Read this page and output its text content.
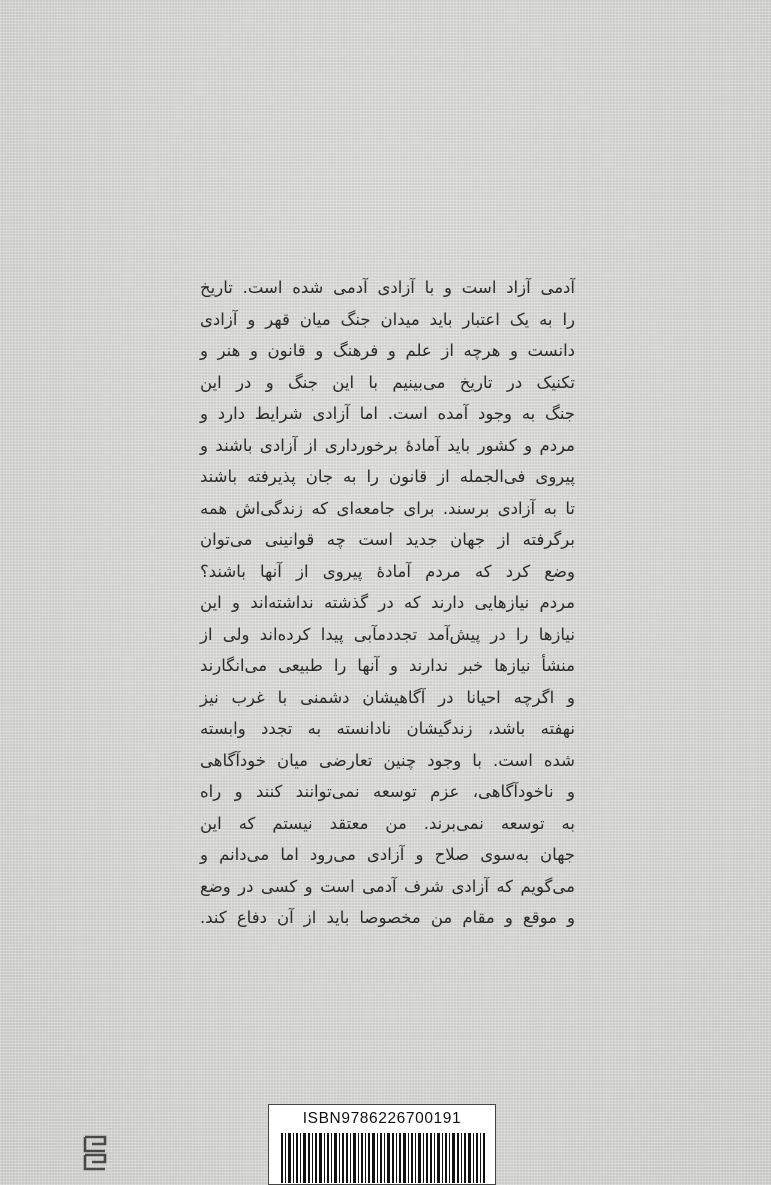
آدمی آزاد است و با آزادی آدمی شده است. تاریخ
را به یک اعتبار باید میدان جنگ میان قهر و آزادی
دانست و هرچه از علم و فرهنگ و قانون و هنر و
تکنیک در تاریخ می‌بینیم با این جنگ و در این
جنگ به وجود آمده است. اما آزادی شرایط دارد و
مردم و کشور باید آمادهٔ برخورداری از آزادی باشند و
پیروی فی‌الجمله از قانون را به جان پذیرفته باشند
تا به آزادی برسند. برای جامعه‌ای که زندگی‌اش همه
برگرفته از جهان جدید است چه قوانینی می‌توان
وضع کرد که مردم آمادهٔ پیروی از آنها باشند؟
مردم نیازهایی دارند که در گذشته نداشته‌اند و این
نیازها را در پیش‌آمد تجددمآبی پیدا کرده‌اند ولی از
منشأ نیازها خبر ندارند و آنها را طبیعی می‌انگارند
و اگرچه احیانا در آگاهیشان دشمنی با غرب نیز
نهفته باشد، زندگیشان نادانسته به تجدد وابسته
شده است. با وجود چنین تعارضی میان خودآگاهی
و ناخودآگاهی، عزم توسعه نمی‌توانند کنند و راه
به توسعه نمی‌برند. من معتقد نیستم که این
جهان به‌سوی صلاح و آزادی می‌رود اما می‌دانم و
می‌گویم که آزادی شرف آدمی است و کسی در وضع
و موقع و مقام من مخصوصا باید از آن دفاع کند.
ISBN9786226700191
